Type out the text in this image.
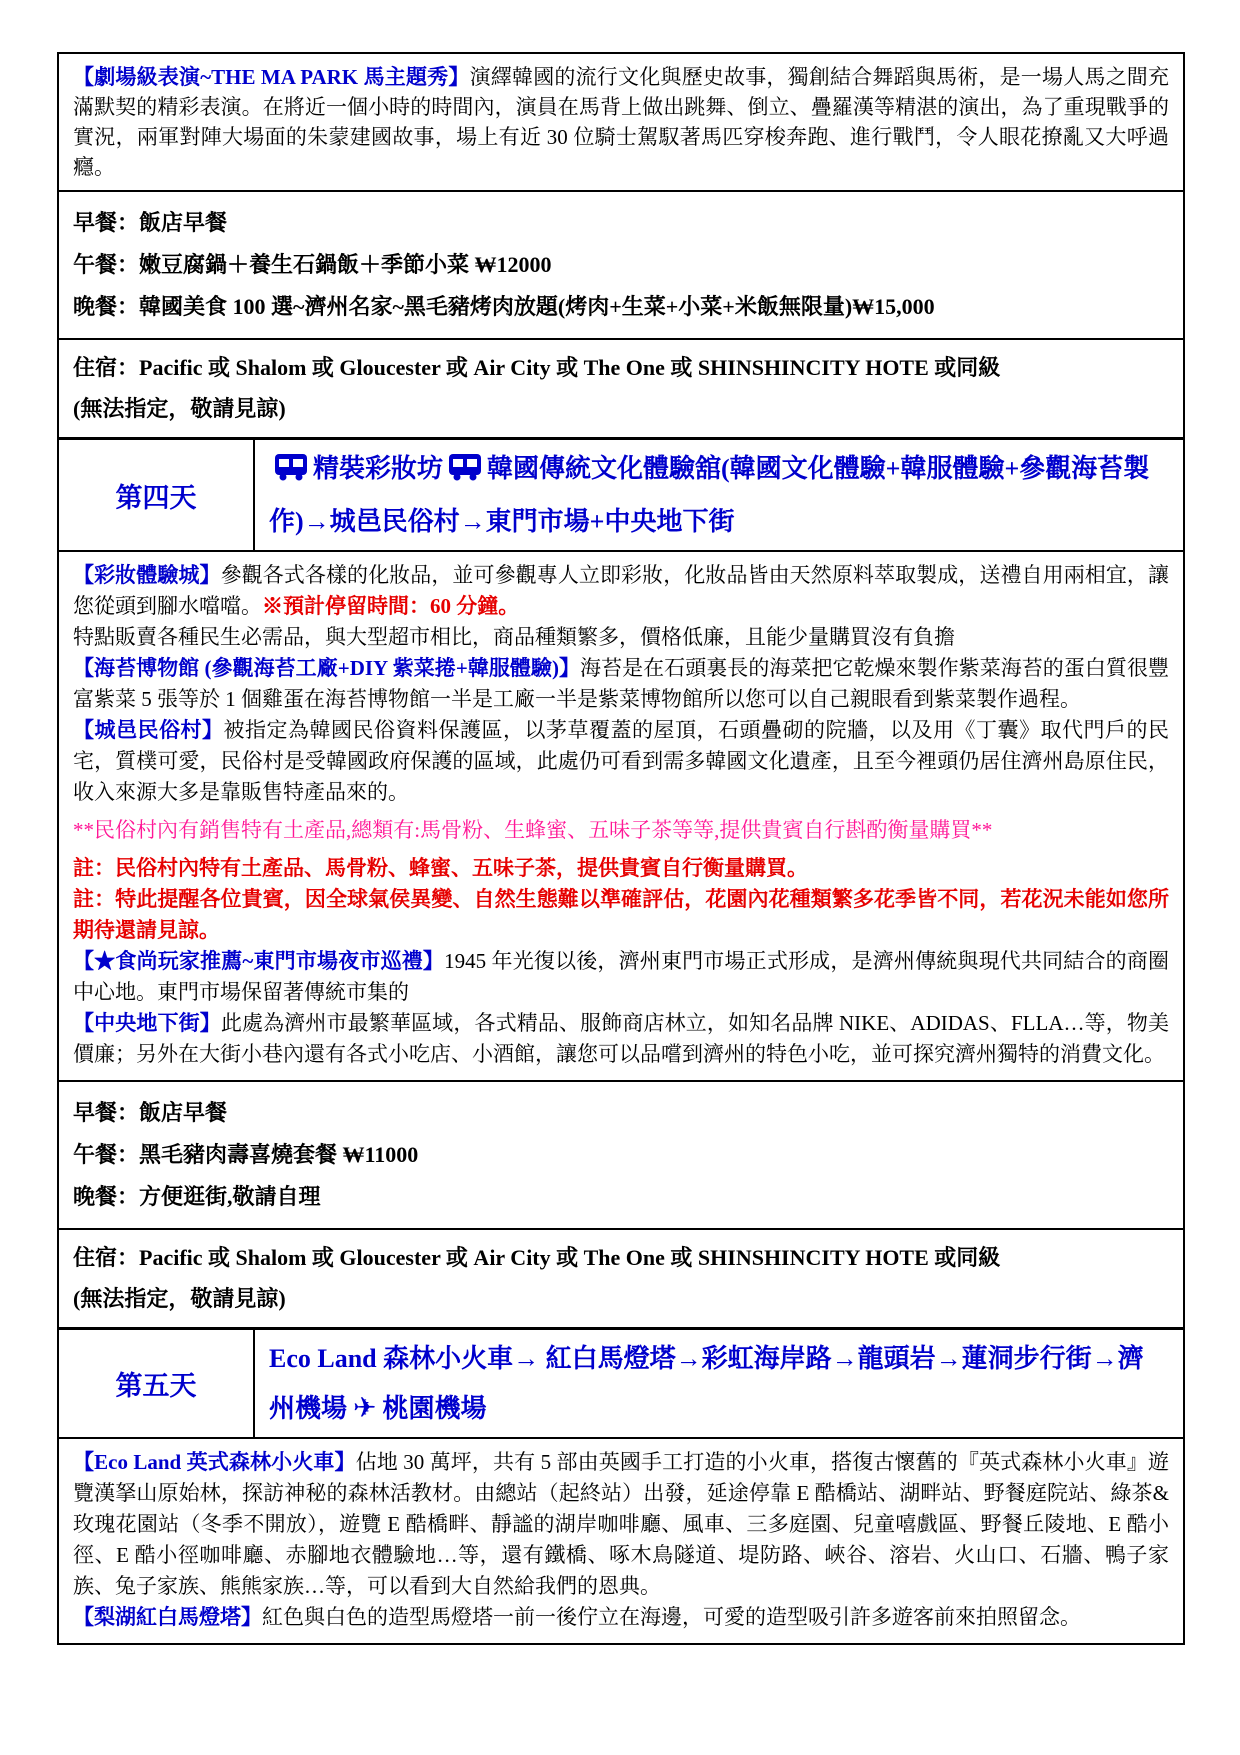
【劇場級表演~THE MA PARK 馬主題秀】演繹韓國的流行文化與歷史故事，獨創結合舞蹈與馬術，是一場人馬之間充滿默契的精彩表演。在將近一個小時的時間內，演員在馬背上做出跳舞、倒立、疊羅漢等精湛的演出，為了重現戰爭的實況，兩軍對陣大場面的朱蒙建國故事，場上有近 30 位騎士駕馭著馬匹穿梭奔跑、進行戰鬥，令人眼花撩亂又大呼過癮。

早餐：飯店早餐

午餐：嫩豆腐鍋＋養生石鍋飯＋季節小菜 ₩12000

晚餐：韓國美食 100 選~濟州名家~黑毛豬烤肉放題(烤肉+生菜+小菜+米飯無限量)₩15,000

住宿：Pacific 或 Shalom 或 Gloucester 或 Air City 或 The One 或 SHINSHINCITY HOTE 或同級

(無法指定，敬請見諒)

第四天
精裝彩妝坊 韓國傳統文化體驗舘(韓國文化體驗+韓服體驗+參觀海苔製作)→城邑民俗村→東門市場+中央地下街

【彩妝體驗城】參觀各式各樣的化妝品，並可參觀專人立即彩妝，化妝品皆由天然原料萃取製成，送禮自用兩相宜，讓您從頭到腳水噹噹。※預計停留時間：60 分鐘。

特點販賣各種民生必需品，與大型超市相比，商品種類繁多，價格低廉，且能少量購買沒有負擔

【海苔博物館 (參觀海苔工廠+DIY 紫菜捲+韓服體驗)】海苔是在石頭裏長的海菜把它乾燥來製作紫菜海苔的蛋白質很豐富紫菜 5 張等於 1 個雞蛋在海苔博物館一半是工廠一半是紫菜博物館所以您可以自己親眼看到紫菜製作過程。

【城邑民俗村】被指定為韓國民俗資料保護區，以茅草覆蓋的屋頂，石頭疊砌的院牆，以及用《丁囊》取代門戶的民宅，質樸可愛，民俗村是受韓國政府保護的區域，此處仍可看到需多韓國文化遺產，且至今裡頭仍居住濟州島原住民，收入來源大多是靠販售特產品來的。

**民俗村內有銷售特有土產品,總類有:馬骨粉、生蜂蜜、五味子茶等等,提供貴賓自行斟酌衡量購買**

註：民俗村內特有土產品、馬骨粉、蜂蜜、五味子茶，提供貴賓自行衡量購買。

註：特此提醒各位貴賓，因全球氣侯異變、自然生態難以準確評估，花園內花種類繁多花季皆不同，若花況未能如您所期待還請見諒。

【★食尚玩家推薦~東門市場夜市巡禮】1945 年光復以後，濟州東門市場正式形成，是濟州傳統與現代共同結合的商圈中心地。東門市場保留著傳統市集的

【中央地下街】此處為濟州市最繁華區域，各式精品、服飾商店林立，如知名品牌 NIKE、ADIDAS、FLLA…等，物美價廉；另外在大街小巷內還有各式小吃店、小酒館，讓您可以品嚐到濟州的特色小吃，並可探究濟州獨特的消費文化。

早餐：飯店早餐

午餐：黑毛豬肉壽喜燒套餐 ₩11000

晚餐：方便逛街,敬請自理

住宿：Pacific 或 Shalom 或 Gloucester 或 Air City 或 The One 或 SHINSHINCITY HOTE 或同級

(無法指定，敬請見諒)

第五天
Eco Land 森林小火車→ 紅白馬燈塔→彩虹海岸路→龍頭岩→蓮洞步行街→濟州機場 ✈ 桃園機場

【Eco Land 英式森林小火車】佔地 30 萬坪，共有 5 部由英國手工打造的小火車，搭復古懷舊的『英式森林小火車』遊覽漢拏山原始林，探訪神秘的森林活教材。由總站（起終站）出發，延途停靠 E 酷橋站、湖畔站、野餐庭院站、綠茶&玫瑰花園站（冬季不開放），遊覽 E 酷橋畔、靜謐的湖岸咖啡廳、風車、三多庭園、兒童嘻戲區、野餐丘陵地、E 酷小徑、E 酷小徑咖啡廳、赤腳地衣體驗地…等，還有鐵橋、啄木鳥隧道、堤防路、峽谷、溶岩、火山口、石牆、鴨子家族、兔子家族、熊熊家族…等，可以看到大自然給我們的恩典。

【梨湖紅白馬燈塔】紅色與白色的造型馬燈塔一前一後佇立在海邊，可愛的造型吸引許多遊客前來拍照留念。
